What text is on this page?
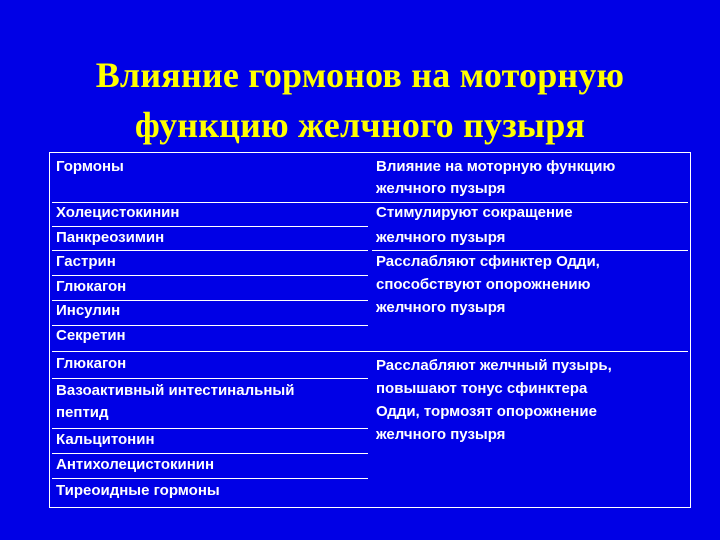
Влияние гормонов на моторную
функцию желчного пузыря
Гормоны	Влияние на моторную функцию
желчного пузыря
Холецистокинин
Панкреозимин
Стимулируют сокращение
желчного пузыря
Гастрин
Глюкагон
Инсулин
Секретин
Расслабляют сфинктер Одди,
способствуют опорожнению
желчного пузыря
Глюкагон
Вазоактивный интестинальный
пептид
Кальцитонин
Антихолецистокинин
Тиреоидные гормоны
Расслабляют желчный пузырь,
повышают тонус сфинктера
Одди, тормозят опорожнение
желчного пузыря
